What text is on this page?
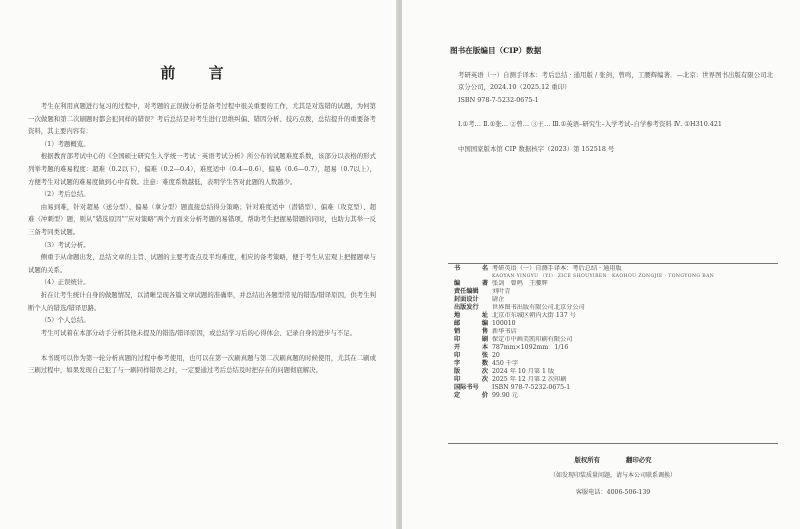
前 言

考生在利用真题进行复习的过程中，对考题的正误做分析是备考过程中很关重要的工作，尤其是对选错的试题，为何第一次做题和第二次刷题时都会犯同样的错误？考后总结是对考生进行思维纠偏、错因分析、技巧点拨，总结提升的重要备考资料，其主要内容有：

（1）考题概览。

根据教育部考试中心的《全国硕士研究生入学统一考试 · 英语考试分析》所公布的试题难度系数，该部分以表格的形式列举考题的难易程度：超难（0.2以下），偏难（0.2—0.4），难度适中（0.4—0.6），偏易（0.6—0.7），超易（0.7以上），方便考生对试题的难易度做到心中有数。注意：难度系数越低，表明学生答对此题的人数越少。

（2）考后总结。

由易到难，针对超易（送分型）、偏易（拿分型）题直接总结得分策略；针对难度适中（潜错型）、偏难（攻克型）、超难（冲刺型）题，则从“错选原因”“应对策略”两个方面来分析考题的易错项，帮助考生把握易错题的同时，也助力其举一反三备考同类试题。

（3）考试分析。

侧重于从命题出发，总结文章的主旨、试题的主要考查点及平均难度，相应的备考策略，便于考生从宏观上把握题章与试题的关系。

（4）正误统计。

折在让考生统计自身的做题情况，以清晰呈现各篇文章试题的准确率，并总结出各题型常见的错选/错译原因，供考生判断个人的错选/错译思路。

（5）个人总结。

考生可试着在本部分动手分析其他未提及的错选/错译原因，或总结学习后的心得体会、记录自身的进步与不足。

本书既可以作为第一轮分析真题的过程中参考使用，也可以在第一次刷真题与第二次刷真题的时候使用，尤其在二刷或三刷过程中，如果发现自己犯了与一刷同样错误之时，一定要通过考后总结及时把存在的问题彻底解决。

图书在版编目（CIP）数据

考研英语（一）自测手译本：考后总结 · 通用版 / 张剑，曾鸣，工腰辉编著．—北京：世界图书出版有限公司北京分公司，2024.10（2025.12 重印）

ISBN 978-7-5232-0675-1

Ⅰ.①考… Ⅱ.①张… ②曾… ③王… Ⅲ.①英语–研究生–入学考试–自学参考资料 Ⅳ. ①H310.421

中国国家版本馆 CIP 数据核字（2023）第 152518 号

书	名 考研英语（一）自测手译本：考后总结 · 通用版
KAOYAN YINGYU （YI） ZICE SHOUYIBEN：KAOHOU ZONGJIE · TONGYONG BAN
编	著 张剑　曾鸣　王腰辉
责任编辑	刘叶青
封面设计	尉企
出版发行	世界图书出版有限公司北京分公司
地	址 北京市东城区朝内大街 137 号
邮	编 100010
销	售 新华书店
印	刷 保定市中画美凯印刷有限公司
开	本 787mm×1092mm　1/16
印	张 20
字	数 450 千字
版	次 2024 年 10 月第 1 版
印	次 2025 年 12 月第 2 次印刷
国际书号	ISBN 978-7-5232-0675-1
定	价 99.90 元
版权所有	翻印必究
（如发现印装质量问题，请与本公司联系调换）
客服电话：4006-506-139
